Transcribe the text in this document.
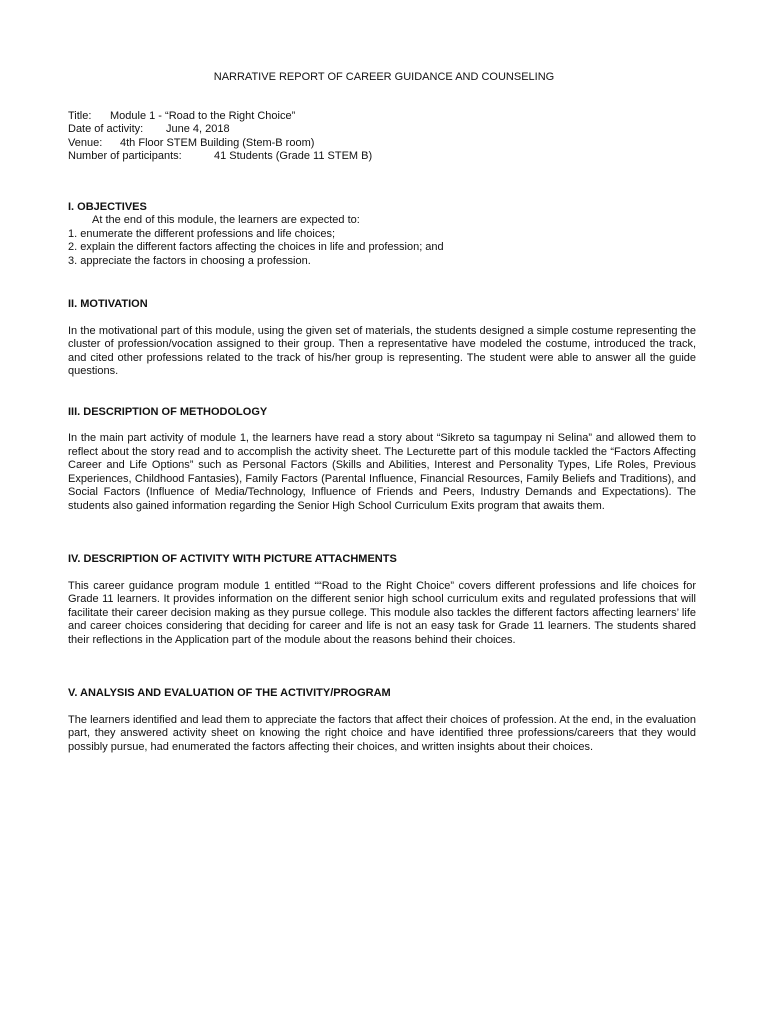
NARRATIVE REPORT OF CAREER GUIDANCE AND COUNSELING

Title: Module 1 - “Road to the Right Choice”

Date of activity: June 4, 2018

Venue: 4th Floor STEM Building (Stem-B room)

Number of participants:	41 Students (Grade 11 STEM B)

I. OBJECTIVES

At the end of this module, the learners are expected to:

1. enumerate the different professions and life choices;
2. explain the different factors affecting the choices in life and profession; and
3. appreciate the factors in choosing a profession.

II. MOTIVATION

In the motivational part of this module, using the given set of materials, the students designed a simple costume representing the cluster of profession/vocation assigned to their group. Then a representative have modeled the costume, introduced the track, and cited other professions related to the track of his/her group is representing. The student were able to answer all the guide questions.

III. DESCRIPTION OF METHODOLOGY

In the main part activity of module 1, the learners have read a story about “Sikreto sa tagumpay ni Selina” and allowed them to reflect about the story read and to accomplish the activity sheet. The Lecturette part of this module tackled the “Factors Affecting Career and Life Options” such as Personal Factors (Skills and Abilities, Interest and Personality Types, Life Roles, Previous Experiences, Childhood Fantasies), Family Factors (Parental Influence, Financial Resources, Family Beliefs and Traditions), and Social Factors (Influence of Media/Technology, Influence of Friends and Peers, Industry Demands and Expectations). The students also gained information regarding the Senior High School Curriculum Exits program that awaits them.

IV. DESCRIPTION OF ACTIVITY WITH PICTURE ATTACHMENTS

This career guidance program module 1 entitled ““Road to the Right Choice” covers different professions and life choices for Grade 11 learners. It provides information on the different senior high school curriculum exits and regulated professions that will facilitate their career decision making as they pursue college. This module also tackles the different factors affecting learners’ life and career choices considering that deciding for career and life is not an easy task for Grade 11 learners. The students shared their reflections in the Application part of the module about the reasons behind their choices.

V. ANALYSIS AND EVALUATION OF THE ACTIVITY/PROGRAM

The learners identified and lead them to appreciate the factors that affect their choices of profession. At the end, in the evaluation part, they answered activity sheet on knowing the right choice and have identified three professions/careers that they would possibly pursue, had enumerated the factors affecting their choices, and written insights about their choices.
